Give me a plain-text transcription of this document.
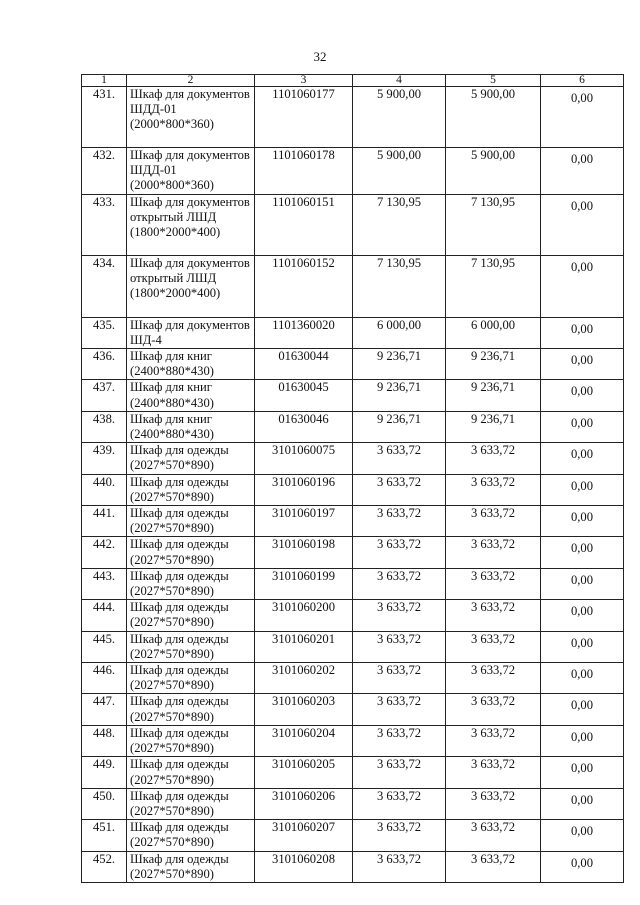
32
1	2	3	4	5	6
431.	Шкаф для документов ШДД-01 (2000*800*360)	1101060177	5 900,00	5 900,00	0,00
432.	Шкаф для документов ШДД-01 (2000*800*360)	1101060178	5 900,00	5 900,00	0,00
433.	Шкаф для документов открытый ЛШД (1800*2000*400)	1101060151	7 130,95	7 130,95	0,00
434.	Шкаф для документов открытый ЛШД (1800*2000*400)	1101060152	7 130,95	7 130,95	0,00
435.	Шкаф для документов ШД-4	1101360020	6 000,00	6 000,00	0,00
436.	Шкаф для книг (2400*880*430)	01630044	9 236,71	9 236,71	0,00
437.	Шкаф для книг (2400*880*430)	01630045	9 236,71	9 236,71	0,00
438.	Шкаф для книг (2400*880*430)	01630046	9 236,71	9 236,71	0,00
439.	Шкаф для одежды (2027*570*890)	3101060075	3 633,72	3 633,72	0,00
440.	Шкаф для одежды (2027*570*890)	3101060196	3 633,72	3 633,72	0,00
441.	Шкаф для одежды (2027*570*890)	3101060197	3 633,72	3 633,72	0,00
442.	Шкаф для одежды (2027*570*890)	3101060198	3 633,72	3 633,72	0,00
443.	Шкаф для одежды (2027*570*890)	3101060199	3 633,72	3 633,72	0,00
444.	Шкаф для одежды (2027*570*890)	3101060200	3 633,72	3 633,72	0,00
445.	Шкаф для одежды (2027*570*890)	3101060201	3 633,72	3 633,72	0,00
446.	Шкаф для одежды (2027*570*890)	3101060202	3 633,72	3 633,72	0,00
447.	Шкаф для одежды (2027*570*890)	3101060203	3 633,72	3 633,72	0,00
448.	Шкаф для одежды (2027*570*890)	3101060204	3 633,72	3 633,72	0,00
449.	Шкаф для одежды (2027*570*890)	3101060205	3 633,72	3 633,72	0,00
450.	Шкаф для одежды (2027*570*890)	3101060206	3 633,72	3 633,72	0,00
451.	Шкаф для одежды (2027*570*890)	3101060207	3 633,72	3 633,72	0,00
452.	Шкаф для одежды (2027*570*890)	3101060208	3 633,72	3 633,72	0,00
